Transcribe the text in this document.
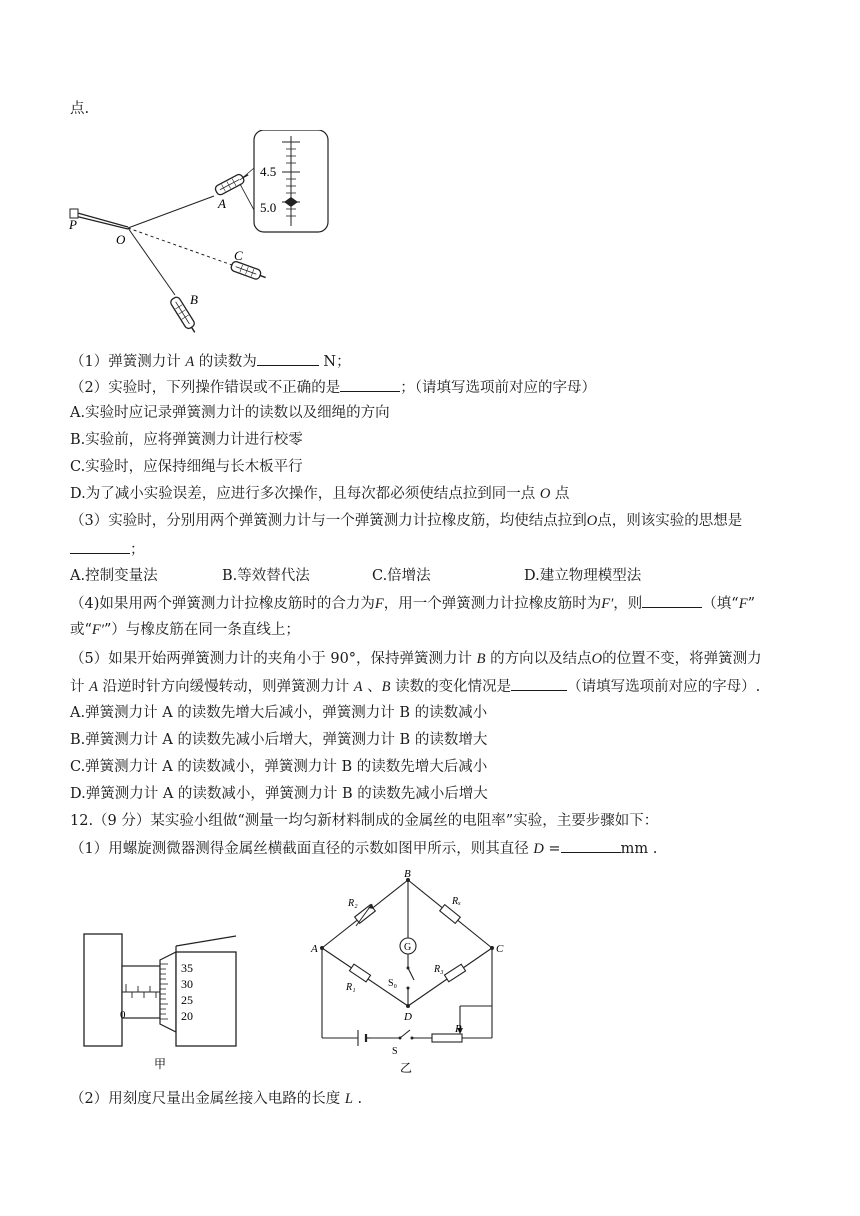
点.
4.5
5.0
P
O
A
C
B
（1）弹簧测力计 A 的读数为	N；
（2）实验时，下列操作错误或不正确的是	；（请填写选项前对应的字母）
A.实验时应记录弹簧测力计的读数以及细绳的方向
B.实验前，应将弹簧测力计进行校零
C.实验时，应保持细绳与长木板平行
D.为了减小实验误差，应进行多次操作，且每次都必须使结点拉到同一点 O 点
（3）实验时，分别用两个弹簧测力计与一个弹簧测力计拉橡皮筋，均使结点拉到O点，则该实验的思想是
；
A.控制变量法	B.等效替代法	C.倍增法	D.建立物理模型法
（4)如果用两个弹簧测力计拉橡皮筋时的合力为F，用一个弹簧测力计拉橡皮筋时为F′，则	（填“F”
或“F′”）与橡皮筋在同一条直线上；
（5）如果开始两弹簧测力计的夹角小于 90°，保持弹簧测力计 B 的方向以及结点O的位置不变，将弹簧测力
计 A 沿逆时针方向缓慢转动，则弹簧测力计 A 、B 读数的变化情况是	（请填写选项前对应的字母）.
A.弹簧测力计 A 的读数先增大后减小，弹簧测力计 B 的读数减小
B.弹簧测力计 A 的读数先减小后增大，弹簧测力计 B 的读数增大
C.弹簧测力计 A 的读数减小，弹簧测力计 B 的读数先增大后减小
D.弹簧测力计 A 的读数减小，弹簧测力计 B 的读数先减小后增大
12.（9 分）某实验小组做“测量一均匀新材料制成的金属丝的电阻率”实验，主要步骤如下：
（1）用螺旋测微器测得金属丝横截面直径的示数如图甲所示，则其直径 D =	mm .
0
35
30
25
20
甲
G
B
A	C
D
R₂	Rₓ
R₁
R₃
S₀
S
R
乙
（2）用刻度尺量出金属丝接入电路的长度 L .
